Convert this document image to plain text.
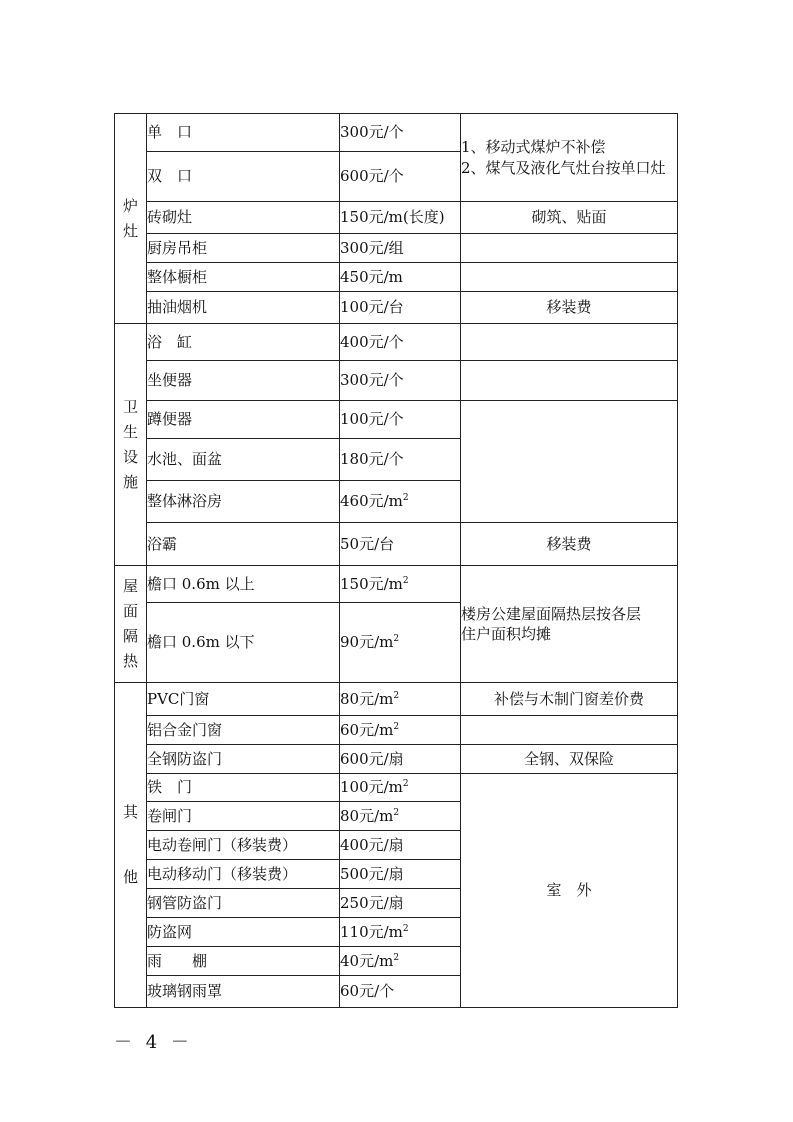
炉
灶	单　口	300元/个	1、移动式煤炉不补偿
2、煤气及液化气灶台按单口灶

	双　口	600元/个	
	砖砌灶	150元/m(长度)	砌筑、贴面
	厨房吊柜	300元/组	
	整体橱柜	450元/m	
	抽油烟机	100元/台	移装费

卫
生
设
施	浴　缸	400元/个	
	坐便器	300元/个	
	蹲便器	100元/个	
	水池、面盆	180元/个	
	整体淋浴房	460元$/m^2$
	浴霸	50元/台	移装费

屋
面
隔
热	檐口 0.6m 以上	150元$/m^2$	楼房公建屋面隔热层按各层
住户面积均摊

	檐口 0.6m 以下	90元$/m^2$

其
他	PVC门窗	80元$/m^2$	补偿与木制门窗差价费
	铝合金门窗	60元$/m^2$	
	全钢防盗门	600元/扇	全钢、双保险
	铁　门	100元$/m^2$	室　外
	卷闸门	80元$/m^2$
	电动卷闸门（移装费）	400元/扇	
	电动移动门（移装费）	500元/扇	
	钢管防盗门	250元/扇	
	防盗网	110元$/m^2$
	雨　　棚	40元$/m^2$
	玻璃钢雨罩	60元/个	
－ 4 －
